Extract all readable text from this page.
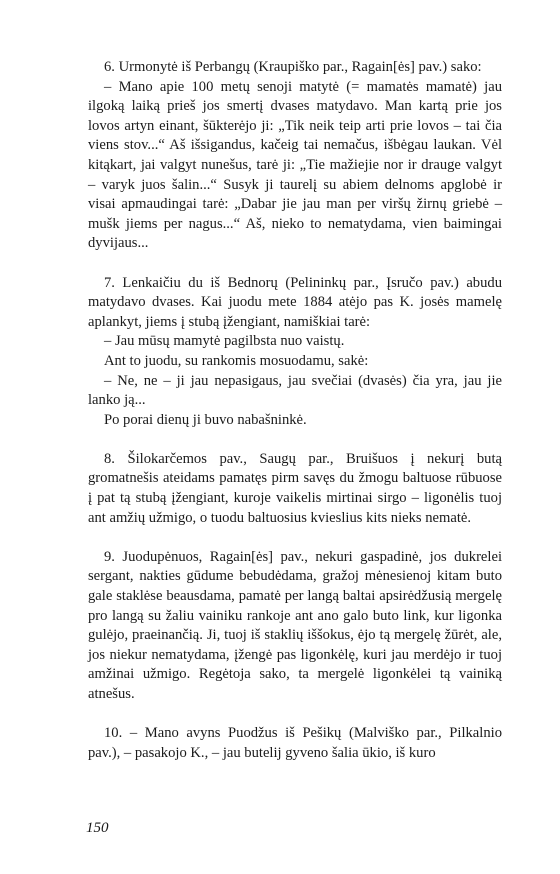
6. Urmonytė iš Perbangų (Kraupiško par., Ragain[ės] pav.) sako:

– Mano apie 100 metų senoji matytė (= mamatės mamatė) jau ilgoką laiką prieš jos smertį dvases matydavo. Man kartą prie jos lovos artyn einant, šūkterėjo ji: „Tik neik teip arti prie lovos – tai čia viens stov...“ Aš išsigandus, kačeig tai nemačus, išbėgau laukan. Vėl kitąkart, jai valgyt nunešus, tarė ji: „Tie mažiejie nor ir drauge valgyt – varyk juos šalin...“ Susyk ji taurelį su abiem delnoms apglobė ir visai apmaudingai tarė: „Dabar jie jau man per viršų žirnų griebė – mušk jiems per nagus...“ Aš, nieko to nematydama, vien baimingai dyvijaus...

7. Lenkaičiu du iš Bednorų (Pelininkų par., Įsručo pav.) abudu matydavo dvases. Kai juodu mete 1884 atėjo pas K. josės mamelę aplankyt, jiems į stubą įžengiant, namiškiai tarė:

– Jau mūsų mamytė pagilbsta nuo vaistų.

Ant to juodu, su rankomis mosuodamu, sakė:

– Ne, ne – ji jau nepasigaus, jau svečiai (dvasės) čia yra, jau jie lanko ją...

Po porai dienų ji buvo nabašninkė.

8. Šilokarčemos pav., Saugų par., Bruišuos į nekurį butą gromatnešis ateidams pamatęs pirm savęs du žmogu baltuose rūbuose į pat tą stubą įžengiant, kuroje vaikelis mirtinai sirgo – ligonėlis tuoj ant amžių užmigo, o tuodu baltuosius kvieslius kits nieks nematė.

9. Juodupėnuos, Ragain[ės] pav., nekuri gaspadinė, jos dukrelei sergant, nakties gūdume bebudėdama, gražoj mėnesienoj kitam buto gale staklėse beausdama, pamatė per langą baltai apsirėdžusią mergelę pro langą su žaliu vainiku rankoje ant ano galo buto link, kur ligonka gulėjo, praeinančią. Ji, tuoj iš staklių iššokus, ėjo tą mergelę žūrėt, ale, jos niekur nematydama, įžengė pas ligonkėlę, kuri jau merdėjo ir tuoj amžinai užmigo. Regėtoja sako, ta mergelė ligonkėlei tą vainiką atnešus.

10. – Mano avyns Puodžus iš Pešikų (Malviško par., Pilkalnio pav.), – pasakojo K., – jau butelij gyveno šalia ūkio, iš kuro

150
